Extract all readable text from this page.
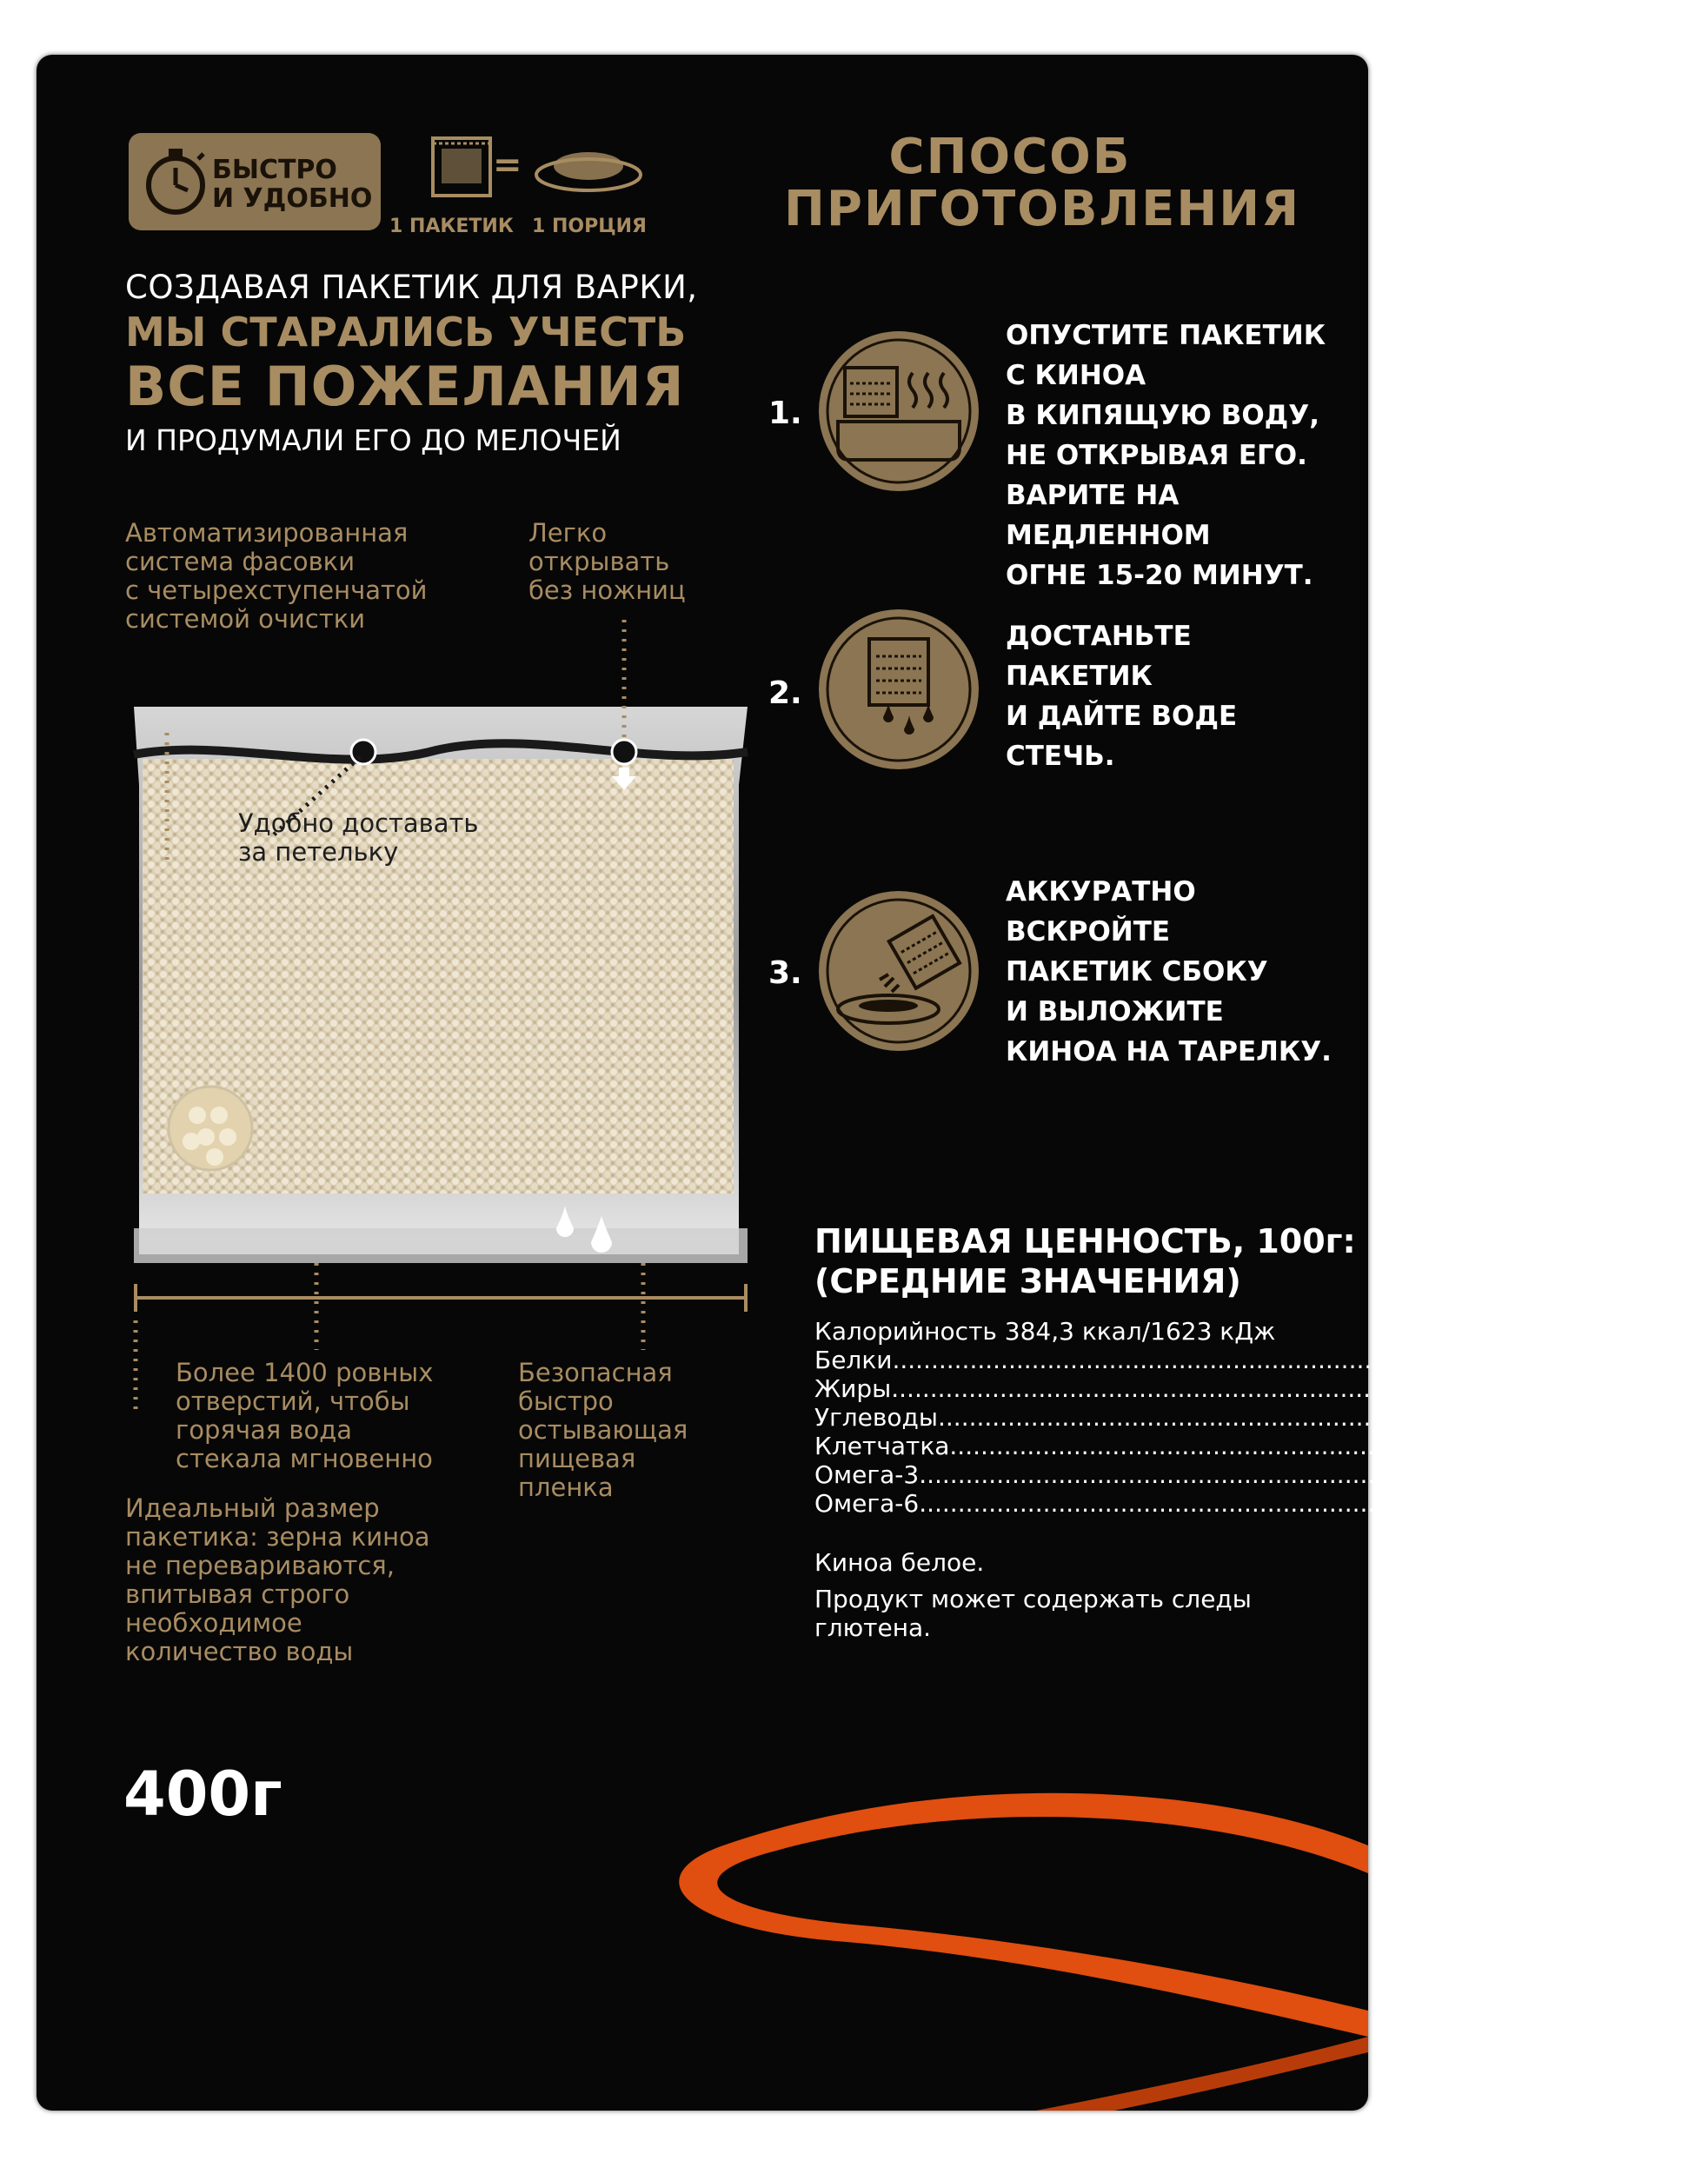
БЫСТРО
И УДОБНО
=
1 ПАКЕТИК 1 ПОРЦИЯ
СОЗДАВАЯ ПАКЕТИК ДЛЯ ВАРКИ,
МЫ СТАРАЛИСЬ УЧЕСТЬ
ВСЕ ПОЖЕЛАНИЯ
И ПРОДУМАЛИ ЕГО ДО МЕЛОЧЕЙ
Автоматизированная
система фасовки
с четырехступенчатой
системой очистки
Легко
открывать
без ножниц
Удобно доставать
за петельку
Более 1400 ровных
отверстий, чтобы
горячая вода
стекала мгновенно
Безопасная
быстро
остывающая
пищевая
пленка
Идеальный размер
пакетика: зерна киноа
не перевариваются,
впитывая строго
необходимое
количество воды
400г
СПОСОБ
ПРИГОТОВЛЕНИЯ
1.
ОПУСТИТЕ ПАКЕТИК
С КИНОА
В КИПЯЩУЮ ВОДУ,
НЕ ОТКРЫВАЯ ЕГО.
ВАРИТЕ НА
МЕДЛЕННОМ
ОГНЕ 15-20 МИНУТ.
2.
ДОСТАНЬТЕ
ПАКЕТИК
И ДАЙТЕ ВОДЕ
СТЕЧЬ.
3.
АККУРАТНО
ВСКРОЙТЕ
ПАКЕТИК СБОКУ
И ВЫЛОЖИТЕ
КИНОА НА ТАРЕЛКУ.
ПИЩЕВАЯ ЦЕННОСТЬ, 100г:
(СРЕДНИЕ ЗНАЧЕНИЯ)
Калорийность 384,3 ккал/1623 кДж
Белки .......................................................................................... 14,9 г
Жиры .......................................................................................... 6,9 г
Углеводы .......................................................................................... 63,9 г
Клетчатка .......................................................................................... 3,5 г
Омега-3 .......................................................................................... 284 мг
Омега-6 .......................................................................................... 2544 мг
Киноа белое.
Продукт может содержать следы
глютена.
